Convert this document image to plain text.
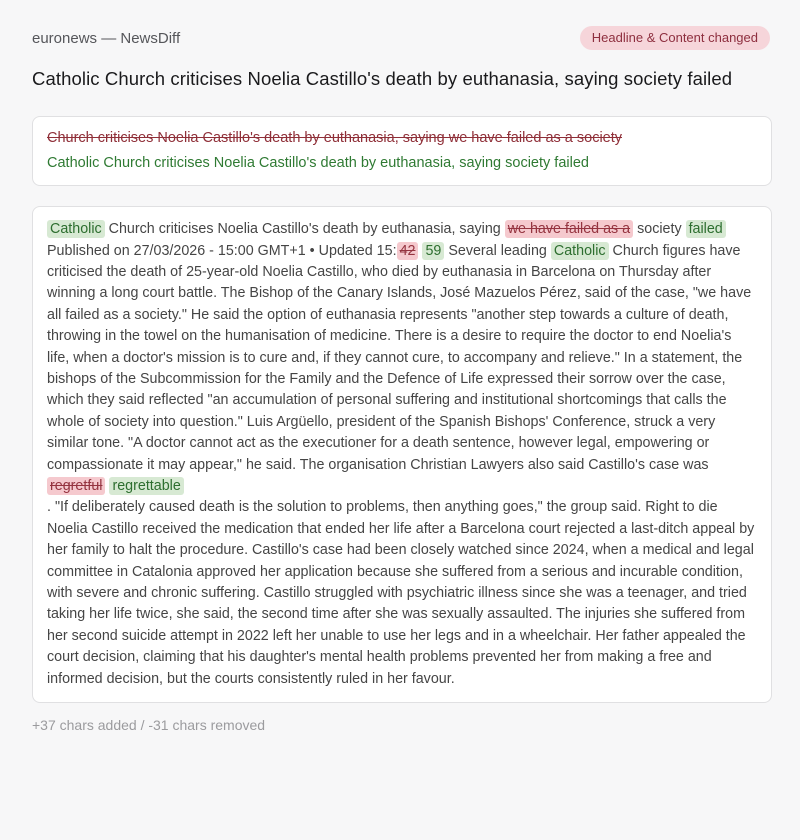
euronews — NewsDiff	Headline & Content changed
Catholic Church criticises Noelia Castillo's death by euthanasia, saying society failed
Church criticises Noelia Castillo's death by euthanasia, saying we have failed as a society
Catholic Church criticises Noelia Castillo's death by euthanasia, saying society failed
Catholic Church criticises Noelia Castillo's death by euthanasia, saying we have failed as a society failed
Published on 27/03/2026 - 15:00 GMT+1 • Updated 15: 42 59 Several leading Catholic Church figures have criticised the death of 25-year-old Noelia Castillo, who died by euthanasia in Barcelona on Thursday after winning a long court battle. The Bishop of the Canary Islands, José Mazuelos Pérez, said of the case, "we have all failed as a society." He said the option of euthanasia represents "another step towards a culture of death, throwing in the towel on the humanisation of medicine. There is a desire to require the doctor to end Noelia's life, when a doctor's mission is to cure and, if they cannot cure, to accompany and relieve." In a statement, the bishops of the Subcommission for the Family and the Defence of Life expressed their sorrow over the case, which they said reflected "an accumulation of personal suffering and institutional shortcomings that calls the whole of society into question." Luis Argüello, president of the Spanish Bishops' Conference, struck a very similar tone. "A doctor cannot act as the executioner for a death sentence, however legal, empowering or compassionate it may appear," he said. The organisation Christian Lawyers also said Castillo's case was
regretful regrettable
. "If deliberately caused death is the solution to problems, then anything goes," the group said. Right to die Noelia Castillo received the medication that ended her life after a Barcelona court rejected a last-ditch appeal by her family to halt the procedure. Castillo's case had been closely watched since 2024, when a medical and legal committee in Catalonia approved her application because she suffered from a serious and incurable condition, with severe and chronic suffering. Castillo struggled with psychiatric illness since she was a teenager, and tried taking her life twice, she said, the second time after she was sexually assaulted. The injuries she suffered from her second suicide attempt in 2022 left her unable to use her legs and in a wheelchair. Her father appealed the court decision, claiming that his daughter's mental health problems prevented her from making a free and informed decision, but the courts consistently ruled in her favour.
+37 chars added / -31 chars removed
